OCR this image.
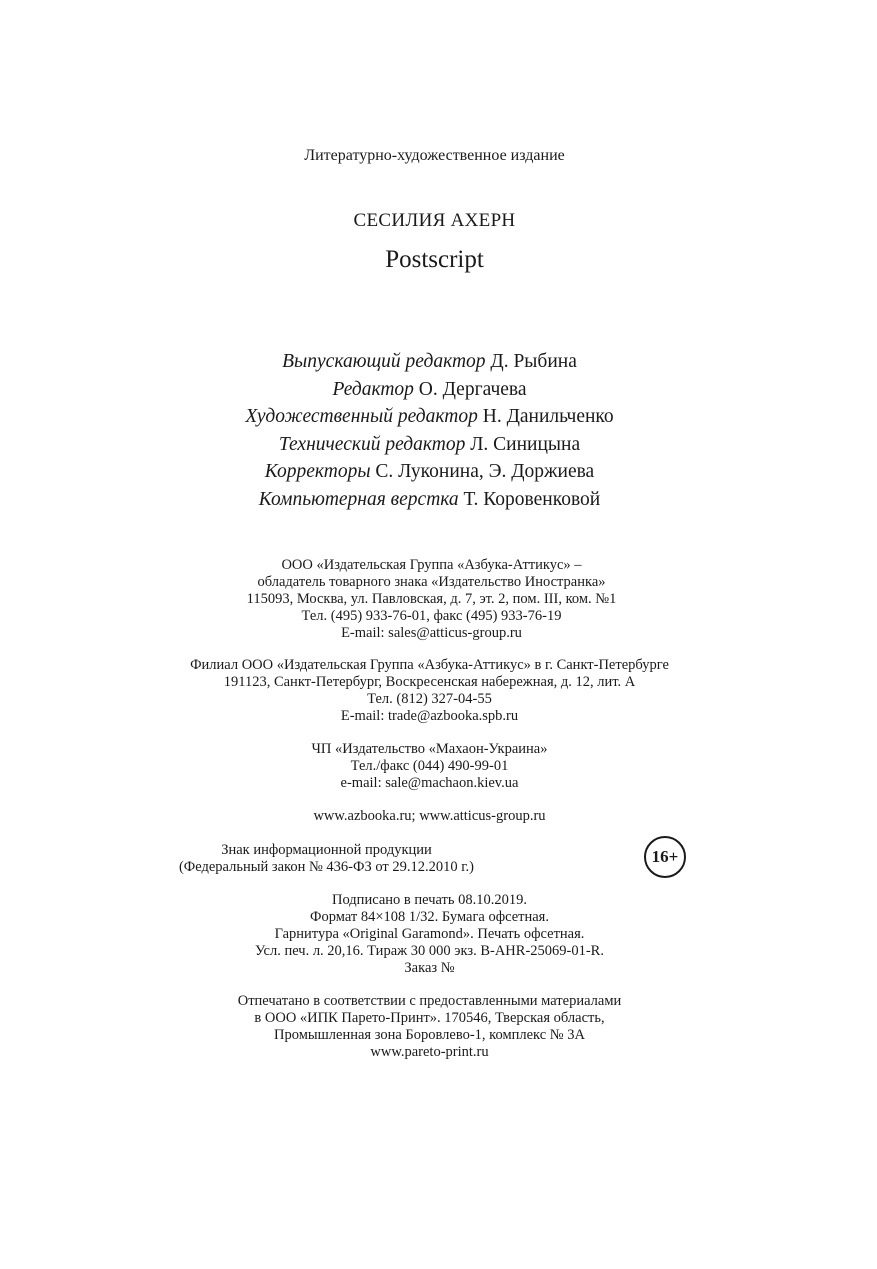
Литературно-художественное издание
СЕСИЛИЯ АХЕРН
Postscript
Выпускающий редактор Д. Рыбина
Редактор О. Дергачева
Художественный редактор Н. Данильченко
Технический редактор Л. Синицына
Корректоры С. Луконина, Э. Доржиева
Компьютерная верстка Т. Коровенковой
ООО «Издательская Группа «Азбука-Аттикус» –
обладатель товарного знака «Издательство Иностранка»
115093, Москва, ул. Павловская, д. 7, эт. 2, пом. III, ком. №1
Тел. (495) 933-76-01, факс (495) 933-76-19
E-mail: sales@atticus-group.ru
Филиал ООО «Издательская Группа «Азбука-Аттикус» в г. Санкт-Петербурге
191123, Санкт-Петербург, Воскресенская набережная, д. 12, лит. А
Тел. (812) 327-04-55
E-mail: trade@azbooka.spb.ru
ЧП «Издательство «Махаон-Украина»
Тел./факс (044) 490-99-01
e-mail: sale@machaon.kiev.ua
www.azbooka.ru; www.atticus-group.ru
Знак информационной продукции
(Федеральный закон № 436-ФЗ от 29.12.2010 г.)
16+
Подписано в печать 08.10.2019.
Формат 84×108 1/32. Бумага офсетная.
Гарнитура «Original Garamond». Печать офсетная.
Усл. печ. л. 20,16. Тираж 30 000 экз. B-AHR-25069-01-R.
Заказ №
Отпечатано в соответствии с предоставленными материалами
в ООО «ИПК Парето-Принт». 170546, Тверская область,
Промышленная зона Боровлево-1, комплекс № 3А
www.pareto-print.ru
